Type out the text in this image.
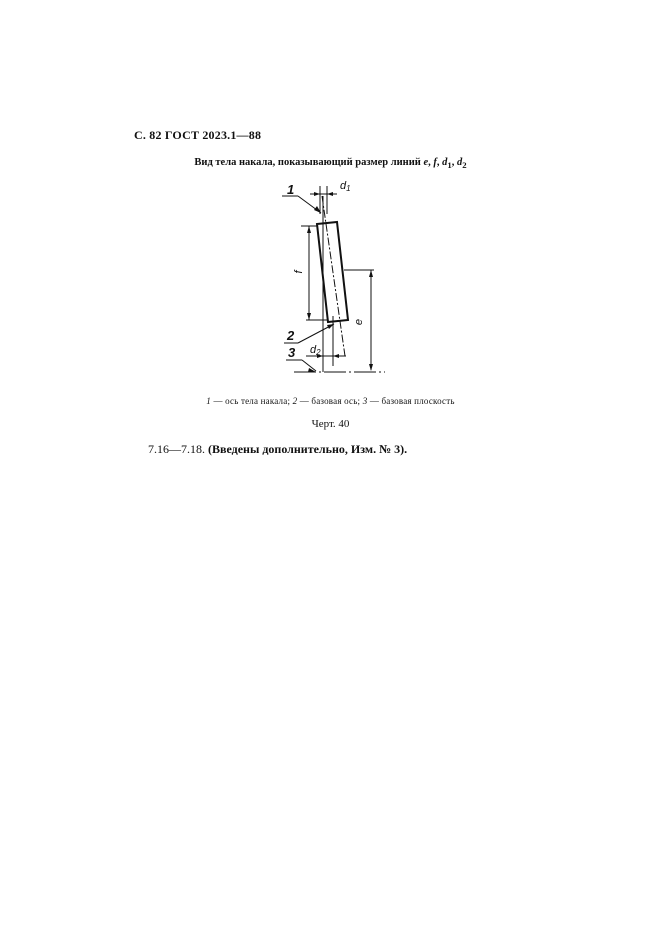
С. 82 ГОСТ 2023.1—88
Вид тела накала, показывающий размер линий e, f, $d_1$, $d_2$
1	d1
f
e
2
3 d2
1 — ось тела накала; 2 — базовая ось; 3 — базовая плоскость
Черт. 40
7.16—7.18. (Введены дополнительно, Изм. № 3).
